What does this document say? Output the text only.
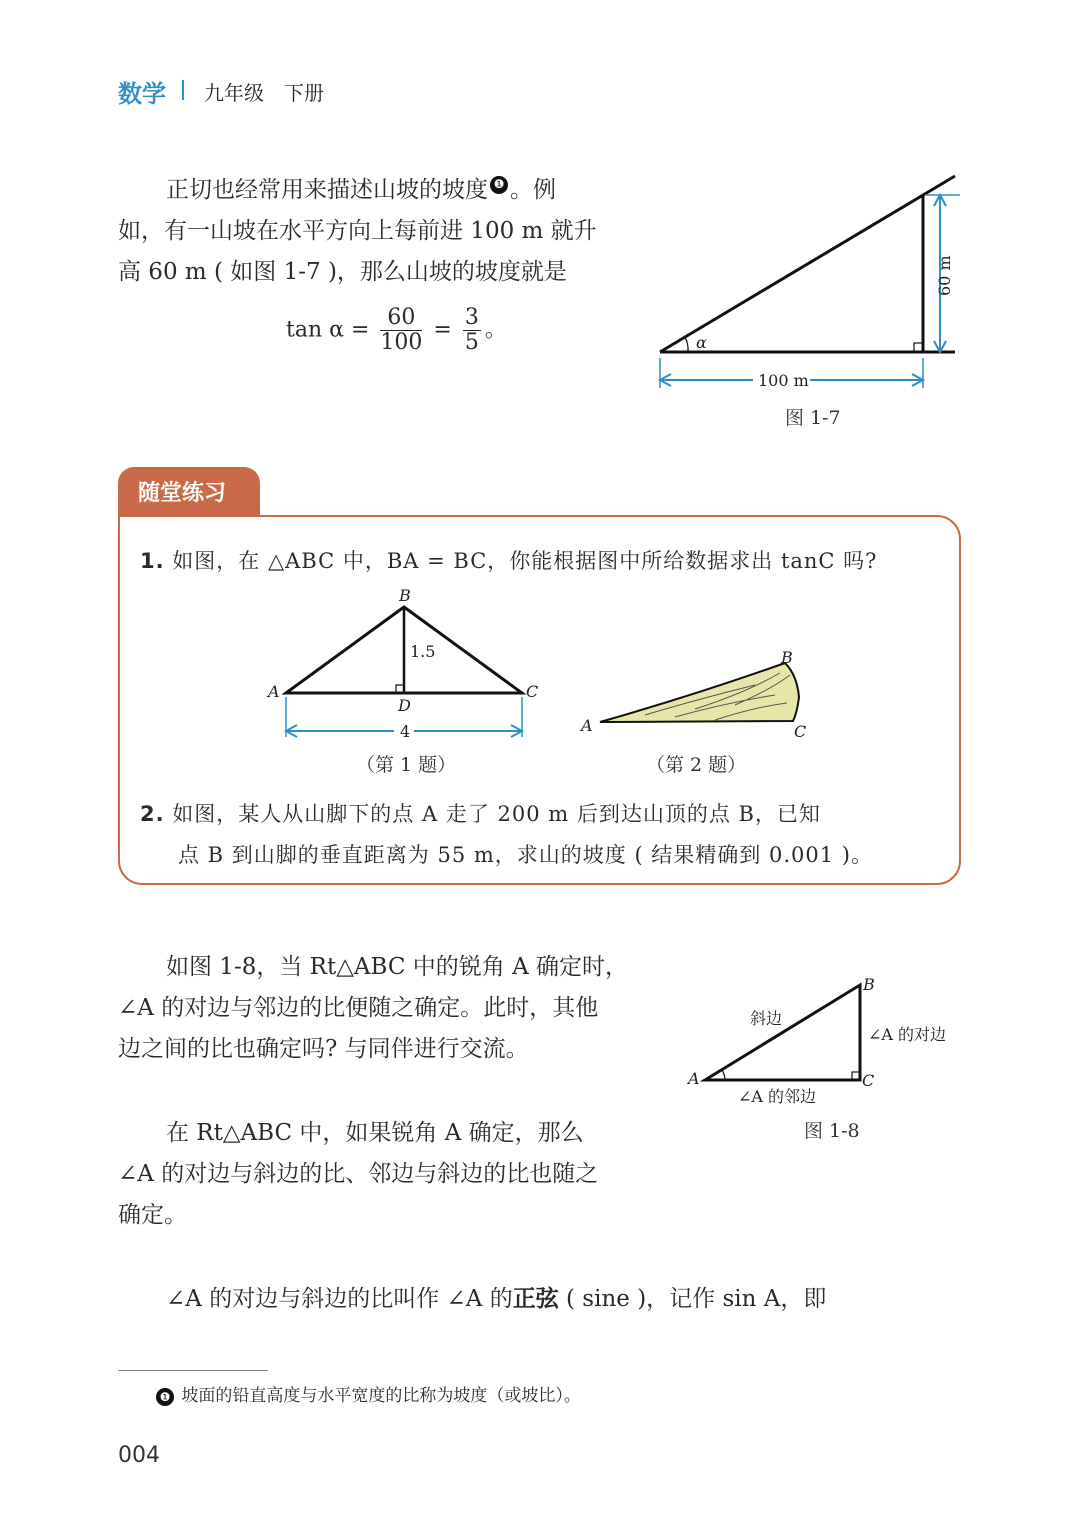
数学 九年级 下册
正切也经常用来描述山坡的坡度 ❶ 。例
如，有一山坡在水平方向上每前进 100 m 就升
高 60 m ( 如图 1-7 )，那么山坡的坡度就是
$\tan \alpha = \frac{60}{100} = \frac{3}{5}$ 。	α
60 m
100 m
图 1-7
随堂练习
1. 如图，在 △ABC 中，BA = BC，你能根据图中所给数据求出 tanC 吗?
B
A	C
D
1.5
4
（第 1 题）
A
B
C
（第 2 题）
2. 如图，某人从山脚下的点 A 走了 200 m 后到达山顶的点 B，已知
点 B 到山脚的垂直距离为 55 m，求山的坡度 ( 结果精确到 0.001 )。
如图 1-8，当 Rt△ABC 中的锐角 A 确定时，
∠A 的对边与邻边的比便随之确定。此时，其他
边之间的比也确定吗? 与同伴进行交流。
在 Rt△ABC 中，如果锐角 A 确定，那么
∠A 的对边与斜边的比、邻边与斜边的比也随之
确定。
∠A 的对边与斜边的比叫作 ∠A 的正弦 ( sine )，记作 sin A，即
A
B
C
斜边
∠A 的对边
∠A 的邻边
图 1-8
❶ 坡面的铅直高度与水平宽度的比称为坡度（或坡比）。
004
